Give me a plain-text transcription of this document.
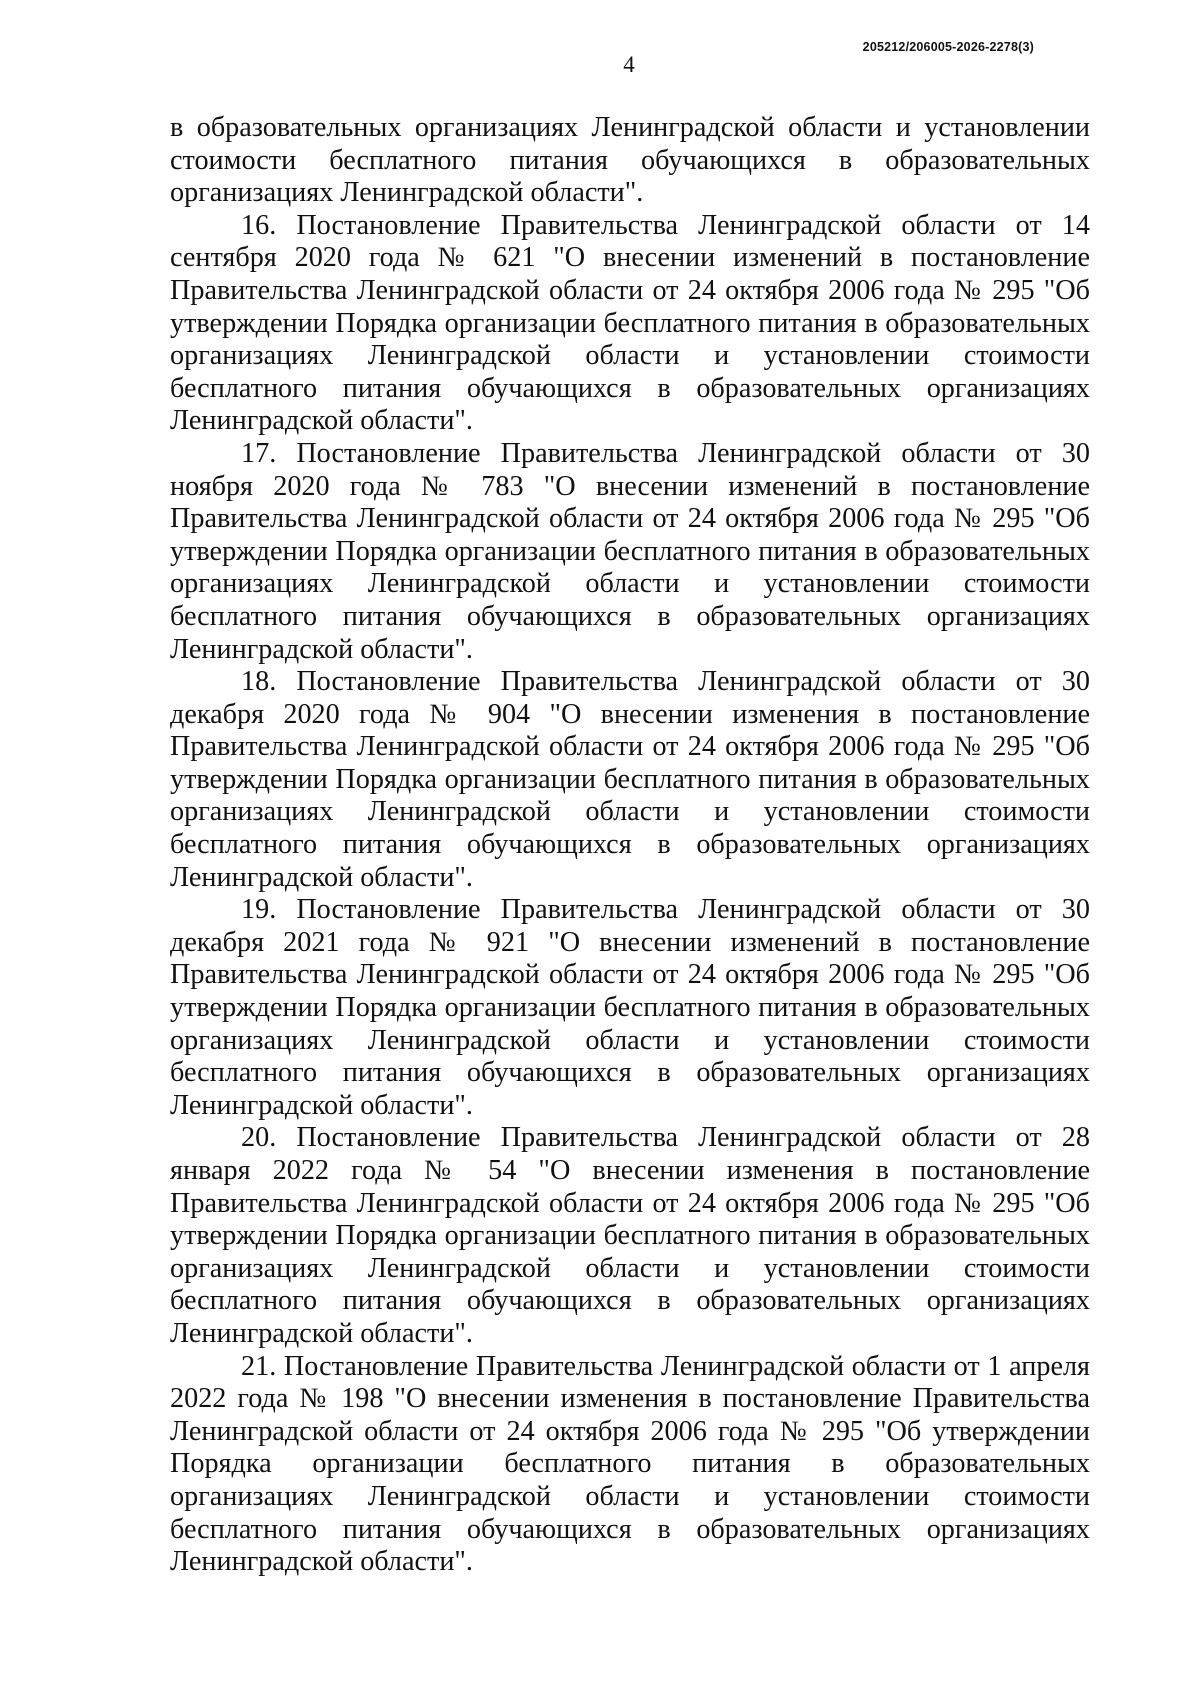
205212/206005-2026-2278(3)
4

в образовательных организациях Ленинградской области и установлении стоимости бесплатного питания обучающихся в образовательных организациях Ленинградской области".

16. Постановление Правительства Ленинградской области от 14 сентября 2020 года № 621 "О внесении изменений в постановление Правительства Ленинградской области от 24 октября 2006 года № 295 "Об утверждении Порядка организации бесплатного питания в образовательных организациях Ленинградской области и установлении стоимости бесплатного питания обучающихся в образовательных организациях Ленинградской области".

17. Постановление Правительства Ленинградской области от 30 ноября 2020 года № 783 "О внесении изменений в постановление Правительства Ленинградской области от 24 октября 2006 года № 295 "Об утверждении Порядка организации бесплатного питания в образовательных организациях Ленинградской области и установлении стоимости бесплатного питания обучающихся в образовательных организациях Ленинградской области".

18. Постановление Правительства Ленинградской области от 30 декабря 2020 года № 904 "О внесении изменения в постановление Правительства Ленинградской области от 24 октября 2006 года № 295 "Об утверждении Порядка организации бесплатного питания в образовательных организациях Ленинградской области и установлении стоимости бесплатного питания обучающихся в образовательных организациях Ленинградской области".

19. Постановление Правительства Ленинградской области от 30 декабря 2021 года № 921 "О внесении изменений в постановление Правительства Ленинградской области от 24 октября 2006 года № 295 "Об утверждении Порядка организации бесплатного питания в образовательных организациях Ленинградской области и установлении стоимости бесплатного питания обучающихся в образовательных организациях Ленинградской области".

20. Постановление Правительства Ленинградской области от 28 января 2022 года № 54 "О внесении изменения в постановление Правительства Ленинградской области от 24 октября 2006 года № 295 "Об утверждении Порядка организации бесплатного питания в образовательных организациях Ленинградской области и установлении стоимости бесплатного питания обучающихся в образовательных организациях Ленинградской области".

21. Постановление Правительства Ленинградской области от 1 апреля 2022 года № 198 "О внесении изменения в постановление Правительства Ленинградской области от 24 октября 2006 года № 295 "Об утверждении Порядка организации бесплатного питания в образовательных организациях Ленинградской области и установлении стоимости бесплатного питания обучающихся в образовательных организациях Ленинградской области".
